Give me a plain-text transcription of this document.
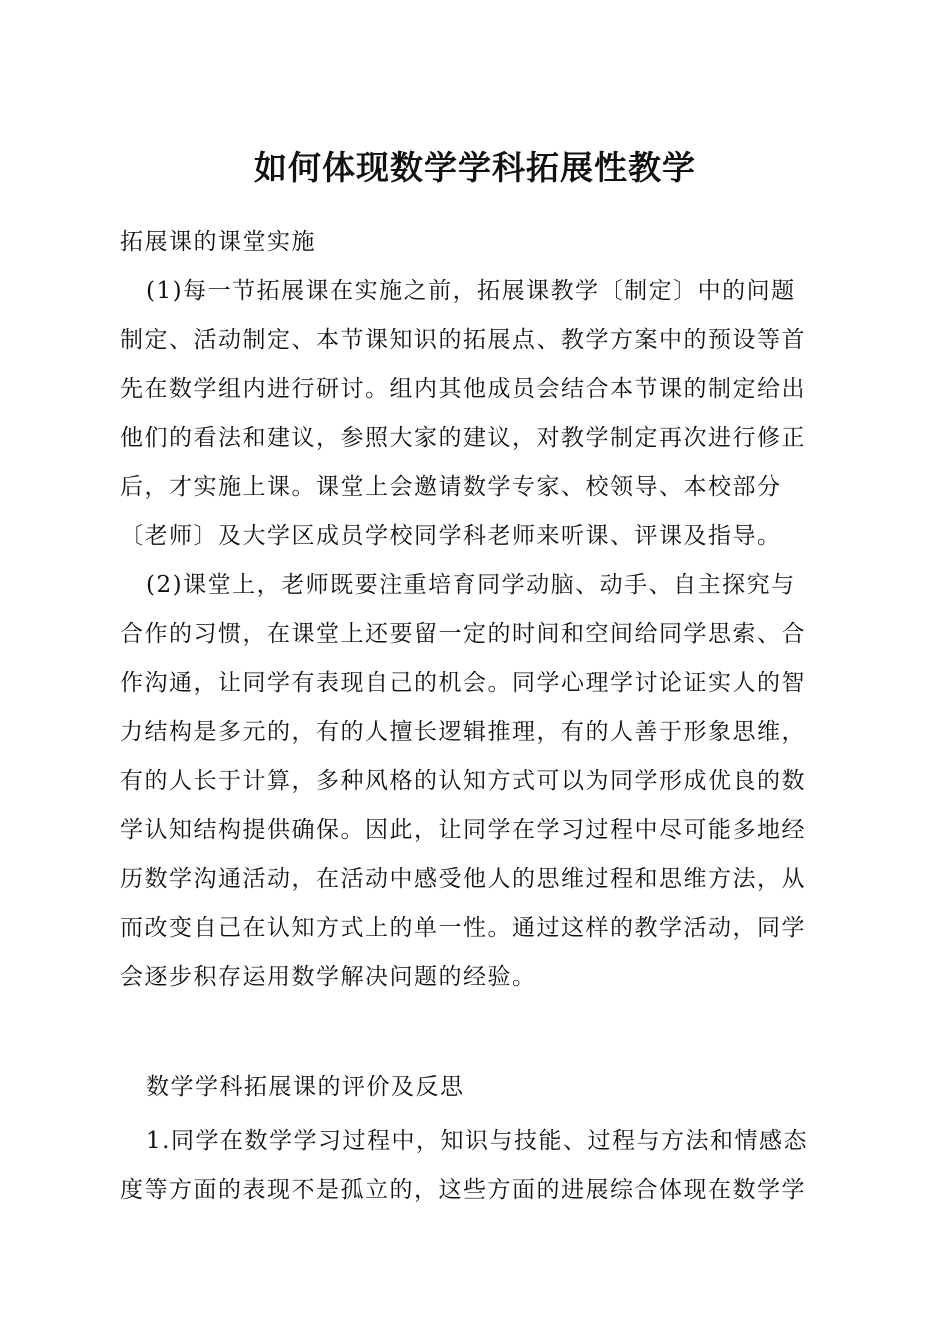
如何体现数学学科拓展性教学
拓展课的课堂实施
(1)每一节拓展课在实施之前，拓展课教学〔制定〕中的问题
制定、活动制定、本节课知识的拓展点、教学方案中的预设等首
先在数学组内进行研讨。组内其他成员会结合本节课的制定给出
他们的看法和建议，参照大家的建议，对教学制定再次进行修正
后，才实施上课。课堂上会邀请数学专家、校领导、本校部分
〔老师〕及大学区成员学校同学科老师来听课、评课及指导。
(2)课堂上，老师既要注重培育同学动脑、动手、自主探究与
合作的习惯，在课堂上还要留一定的时间和空间给同学思索、合
作沟通，让同学有表现自己的机会。同学心理学讨论证实人的智
力结构是多元的，有的人擅长逻辑推理，有的人善于形象思维，
有的人长于计算，多种风格的认知方式可以为同学形成优良的数
学认知结构提供确保。因此，让同学在学习过程中尽可能多地经
历数学沟通活动，在活动中感受他人的思维过程和思维方法，从
而改变自己在认知方式上的单一性。通过这样的教学活动，同学
会逐步积存运用数学解决问题的经验。
数学学科拓展课的评价及反思
1.同学在数学学习过程中，知识与技能、过程与方法和情感态
度等方面的表现不是孤立的，这些方面的进展综合体现在数学学
